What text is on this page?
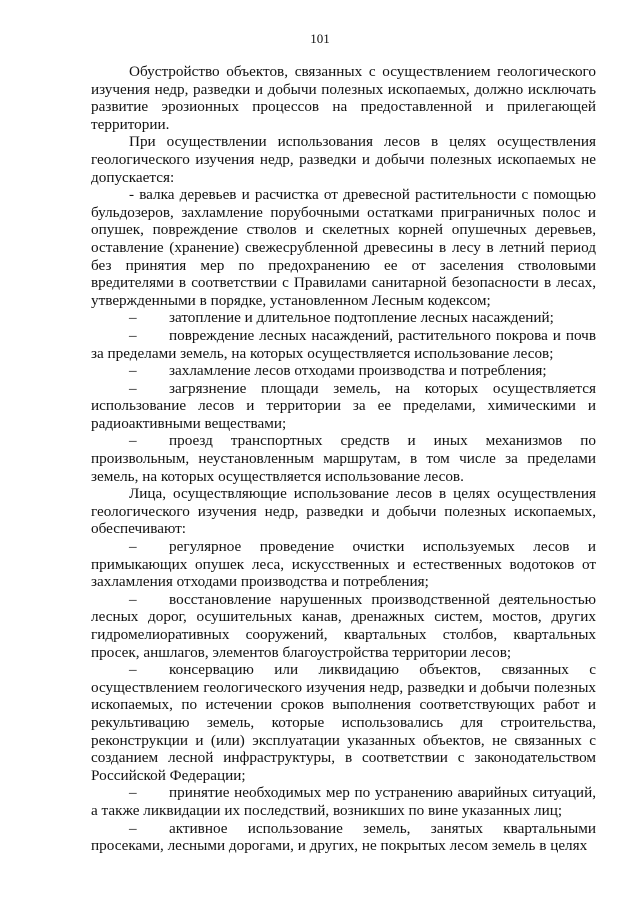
101

Обустройство объектов, связанных с осуществлением геологического изучения недр, разведки и добычи полезных ископаемых, должно исключать развитие эрозионных процессов на предоставленной и прилегающей территории.

При осуществлении использования лесов в целях осуществления геологического изучения недр, разведки и добычи полезных ископаемых не допускается:

- валка деревьев и расчистка от древесной растительности с помощью бульдозеров, захламление порубочными остатками приграничных полос и опушек, повреждение стволов и скелетных корней опушечных деревьев, оставление (хранение) свежесрубленной древесины в лесу в летний период без принятия мер по предохранению ее от заселения стволовыми вредителями в соответствии с Правилами санитарной безопасности в лесах, утвержденными в порядке, установленном Лесным кодексом;

– затопление и длительное подтопление лесных насаждений;

– повреждение лесных насаждений, растительного покрова и почв за пределами земель, на которых осуществляется использование лесов;

– захламление лесов отходами производства и потребления;

– загрязнение площади земель, на которых осуществляется использование лесов и территории за ее пределами, химическими и радиоактивными веществами;

– проезд транспортных средств и иных механизмов по произвольным, неустановленным маршрутам, в том числе за пределами земель, на которых осуществляется использование лесов.

Лица, осуществляющие использование лесов в целях осуществления геологического изучения недр, разведки и добычи полезных ископаемых, обеспечивают:

– регулярное проведение очистки используемых лесов и примыкающих опушек леса, искусственных и естественных водотоков от захламления отходами производства и потребления;

– восстановление нарушенных производственной деятельностью лесных дорог, осушительных канав, дренажных систем, мостов, других гидромелиоративных сооружений, квартальных столбов, квартальных просек, аншлагов, элементов благоустройства территории лесов;

– консервацию или ликвидацию объектов, связанных с осуществлением геологического изучения недр, разведки и добычи полезных ископаемых, по истечении сроков выполнения соответствующих работ и рекультивацию земель, которые использовались для строительства, реконструкции и (или) эксплуатации указанных объектов, не связанных с созданием лесной инфраструктуры, в соответствии с законодательством Российской Федерации;

– принятие необходимых мер по устранению аварийных ситуаций, а также ликвидации их последствий, возникших по вине указанных лиц;

– активное использование земель, занятых квартальными просеками, лесными дорогами, и других, не покрытых лесом земель в целях
